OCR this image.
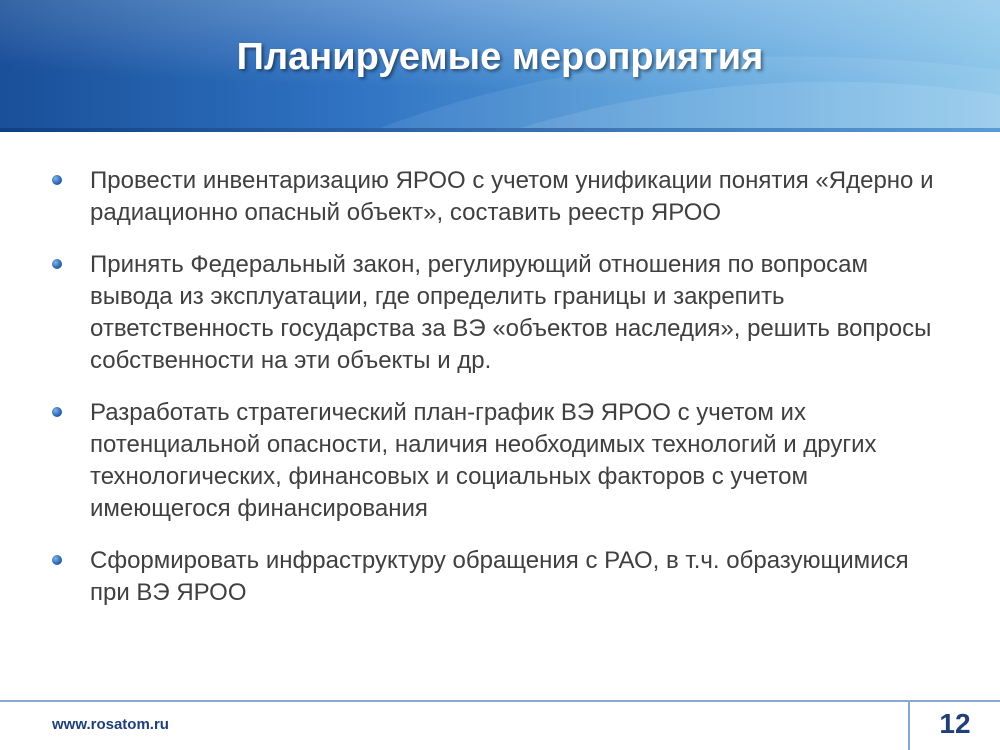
Планируемые мероприятия
Провести инвентаризацию ЯРОО с учетом унификации понятия «Ядерно и радиационно опасный объект», составить реестр ЯРОО
Принять Федеральный закон, регулирующий отношения по вопросам вывода из эксплуатации, где определить границы и закрепить ответственность государства за ВЭ «объектов наследия», решить вопросы собственности на эти объекты и др.
Разработать стратегический план-график ВЭ ЯРОО с учетом их потенциальной опасности, наличия необходимых технологий и других технологических, финансовых и социальных факторов с учетом имеющегося финансирования
Сформировать инфраструктуру обращения с РАО, в т.ч. образующимися при ВЭ ЯРОО
www.rosatom.ru	12
